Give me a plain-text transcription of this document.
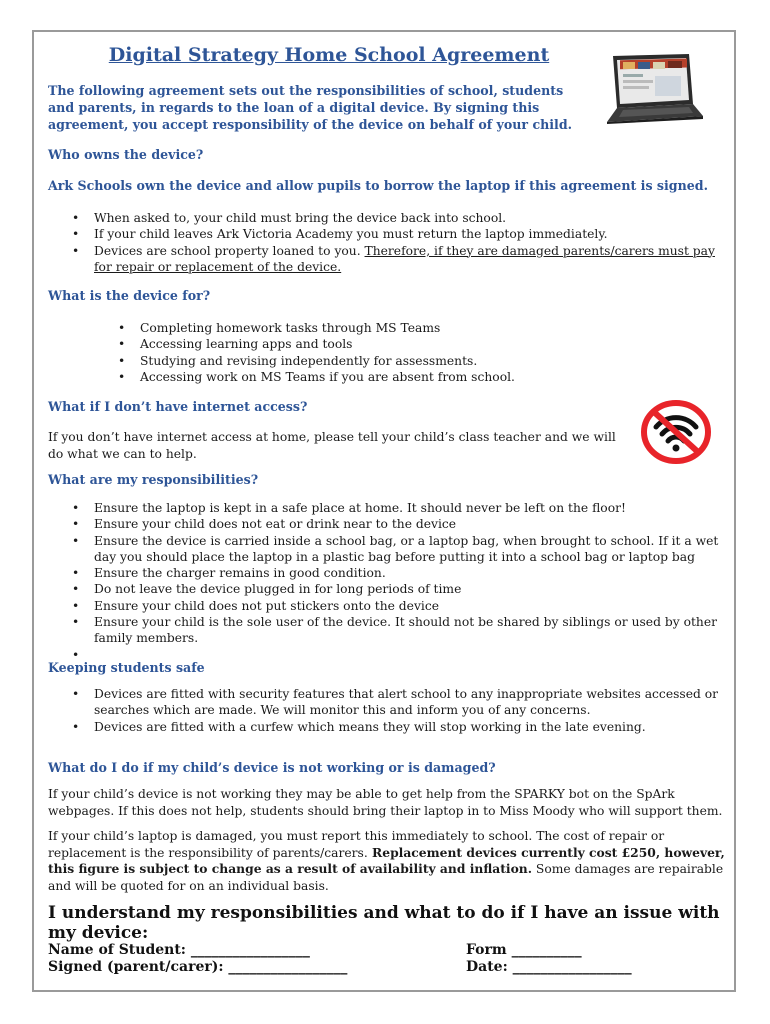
Digital Strategy Home School Agreement
The following agreement sets out the responsibilities of school, students and parents, in regards to the loan of a digital device. By signing this agreement, you accept responsibility of the device on behalf of your child.
Who owns the device?
Ark Schools own the device and allow pupils to borrow the laptop if this agreement is signed.
• When asked to, your child must bring the device back into school.
• If your child leaves Ark Victoria Academy you must return the laptop immediately.
• Devices are school property loaned to you. Therefore, if they are damaged parents/carers must pay for repair or replacement of the device.
What is the device for?
• Completing homework tasks through MS Teams
• Accessing learning apps and tools
• Studying and revising independently for assessments.
• Accessing work on MS Teams if you are absent from school.
What if I don’t have internet access?
If you don’t have internet access at home, please tell your child’s class teacher and we will do what we can to help.
What are my responsibilities?
• Ensure the laptop is kept in a safe place at home. It should never be left on the floor!
• Ensure your child does not eat or drink near to the device
• Ensure the device is carried inside a school bag, or a laptop bag, when brought to school. If it a wet day you should place the laptop in a plastic bag before putting it into a school bag or laptop bag
• Ensure the charger remains in good condition.
• Do not leave the device plugged in for long periods of time
• Ensure your child does not put stickers onto the device
• Ensure your child is the sole user of the device. It should not be shared by siblings or used by other family members.
•
Keeping students safe
• Devices are fitted with security features that alert school to any inappropriate websites accessed or searches which are made. We will monitor this and inform you of any concerns.
• Devices are fitted with a curfew which means they will stop working in the late evening.
What do I do if my child’s device is not working or is damaged?
If your child’s device is not working they may be able to get help from the SPARKY bot on the SpArk webpages. If this does not help, students should bring their laptop in to Miss Moody who will support them.
If your child’s laptop is damaged, you must report this immediately to school. The cost of repair or replacement is the responsibility of parents/carers. Replacement devices currently cost £250, however, this figure is subject to change as a result of availability and inflation. Some damages are repairable and will be quoted for on an individual basis.
I understand my responsibilities and what to do if I have an issue with my device:
Name of Student: _________________	Form __________
Signed (parent/carer): _________________	Date: _________________
